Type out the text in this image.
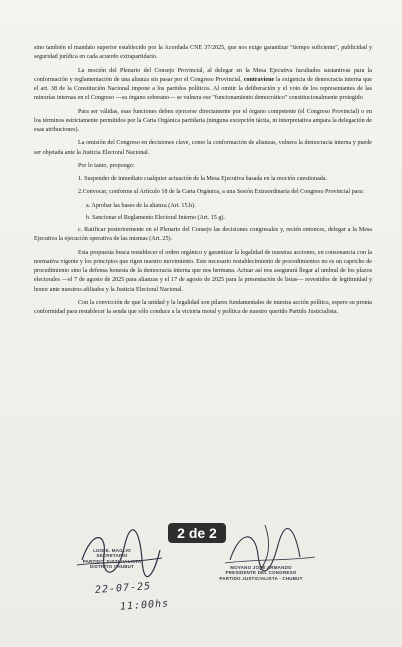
sino también el mandato superior establecido por la Acordada CNE 37/2025, que nos exige garantizar "tiempo suficiente", publicidad y seguridad jurídica en cada acuerdo extrapartidario.

La moción del Plenario del Consejo Provincial, al delegar en la Mesa Ejecutiva facultades sustantivas para la conformación y reglamentación de una alianza sin pasar por el Congreso Provincial, contraviene la exigencia de democracia interna que el art. 38 de la Constitución Nacional impone a los partidos políticos. Al omitir la deliberación y el voto de los representantes de las minorías internas en el Congreso —su órgano soberano— se vulnera ese "funcionamiento democrático" constitucionalmente protegido

Para ser válidas, esas funciones deben ejercerse directamente por el órgano competente (el Congreso Provincial) o en los términos estrictamente permitidos por la Carta Orgánica partidaria (ninguna excepción tácita, ni interpretativa ampara la delegación de esas atribuciones).

La omisión del Congreso en decisiones clave, como la conformación de alianzas, vulnera la democracia interna y puede ser objetada ante la Justicia Electoral Nacional.

Por lo tanto, propongo:

1. Suspender de inmediato cualquier actuación de la Mesa Ejecutiva basada en la moción cuestionada.

2.Convocar, conforme al Artículo 18 de la Carta Orgánica, a una Sesión Extraordinaria del Congreso Provincial para:

a. Aprobar las bases de la alianza (Art. 15.h).

b. Sancionar el Reglamento Electoral Interno (Art. 15 g).

c. Ratificar posteriormente en el Plenario del Consejo las decisiones congresales y, recién entonces, delegar a la Mesa Ejecutiva la ejecución operativa de las mismas (Art. 25).

Esta propuesta busca restablecer el orden orgánico y garantizar la legalidad de nuestras acciones, en consonancia con la normativa vigente y los principios que rigen nuestro movimiento. Este necesario restablecimiento de procedimientos no es un capricho de procedimiento sino la defensa honesta de la democracia interna que nos hermana. Actuar así nos asegurará llegar al umbral de los plazos electorales —el 7 de agosto de 2025 para alianzas y el 17 de agosto de 2025 para la presentación de listas— revestidos de legitimidad y honor ante nuestros afiliados y la Justicia Electoral Nacional.

Con la convicción de que la unidad y la legalidad son pilares fundamentales de nuestra acción política, espero su pronta conformidad para restablecer la senda que sólo conduce a la victoria moral y política de nuestro querido Partido Justicialista.

LUIS E. MAGLIO
SECRETARIO
PARTIDO JUSTICIALISTA
DISTRITO CHUBUT	MOYANO JOSÉ ARMANDO
PRESIDENTE DEL CONGRESO
PARTIDO JUSTICIALISTA - CHUBUT
22-07-25
11:00hs
2 de 2
